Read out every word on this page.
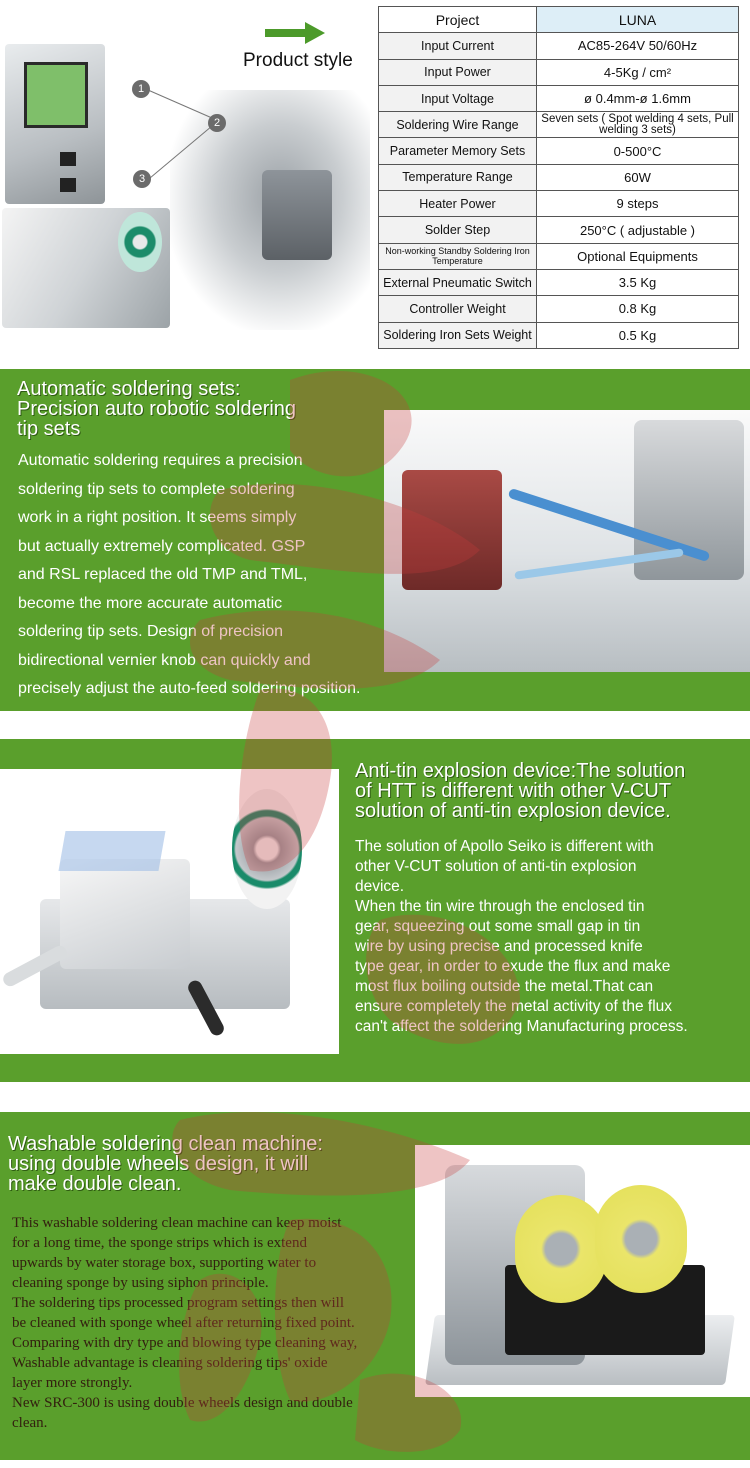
1
2
3
Product style
Project	LUNA
Input Current	AC85-264V 50/60Hz
Input Power	4-5Kg / cm²
Input Voltage	ø 0.4mm-ø 1.6mm
Soldering Wire Range	Seven sets ( Spot welding 4 sets, Pull welding 3 sets)
Parameter Memory Sets	0-500°C
Temperature Range	60W
Heater Power	9 steps
Solder Step	250°C ( adjustable )
Non-working Standby Soldering Iron Temperature	Optional Equipments
External Pneumatic Switch	3.5 Kg
Controller Weight	0.8 Kg
Soldering Iron Sets Weight	0.5 Kg
Automatic soldering sets:
Precision auto robotic soldering
tip sets
Automatic soldering requires a precision
soldering tip sets to complete soldering
work in a right position. It seems simply
but actually extremely complicated. GSP
and RSL replaced the old TMP and TML,
become the more accurate automatic
soldering tip sets. Design of precision
bidirectional vernier knob can quickly and
precisely adjust the auto-feed soldering position.
Anti-tin explosion device:The solution
of HTT is different with other V-CUT
solution of anti-tin explosion device.
The solution of Apollo Seiko is different with
other V-CUT solution of anti-tin explosion
device.
When the tin wire through the enclosed tin
gear, squeezing out some small gap in tin
wire by using precise and processed knife
type gear, in order to exude the flux and make
most flux boiling outside the metal.That can
ensure completely the metal activity of the flux
can't affect the soldering Manufacturing process.
Washable soldering clean machine:
using double wheels design, it will
make double clean.
This washable soldering clean machine can keep moist
for a long time, the sponge strips which is extend
upwards by water storage box, supporting water to
cleaning sponge by using siphon principle.
The soldering tips processed program settings then will
be cleaned with sponge wheel after returning fixed point.
Comparing with dry type and blowing type cleaning way,
Washable advantage is cleaning soldering tips' oxide
layer more strongly.
New SRC-300 is using double wheels design and double
clean.
